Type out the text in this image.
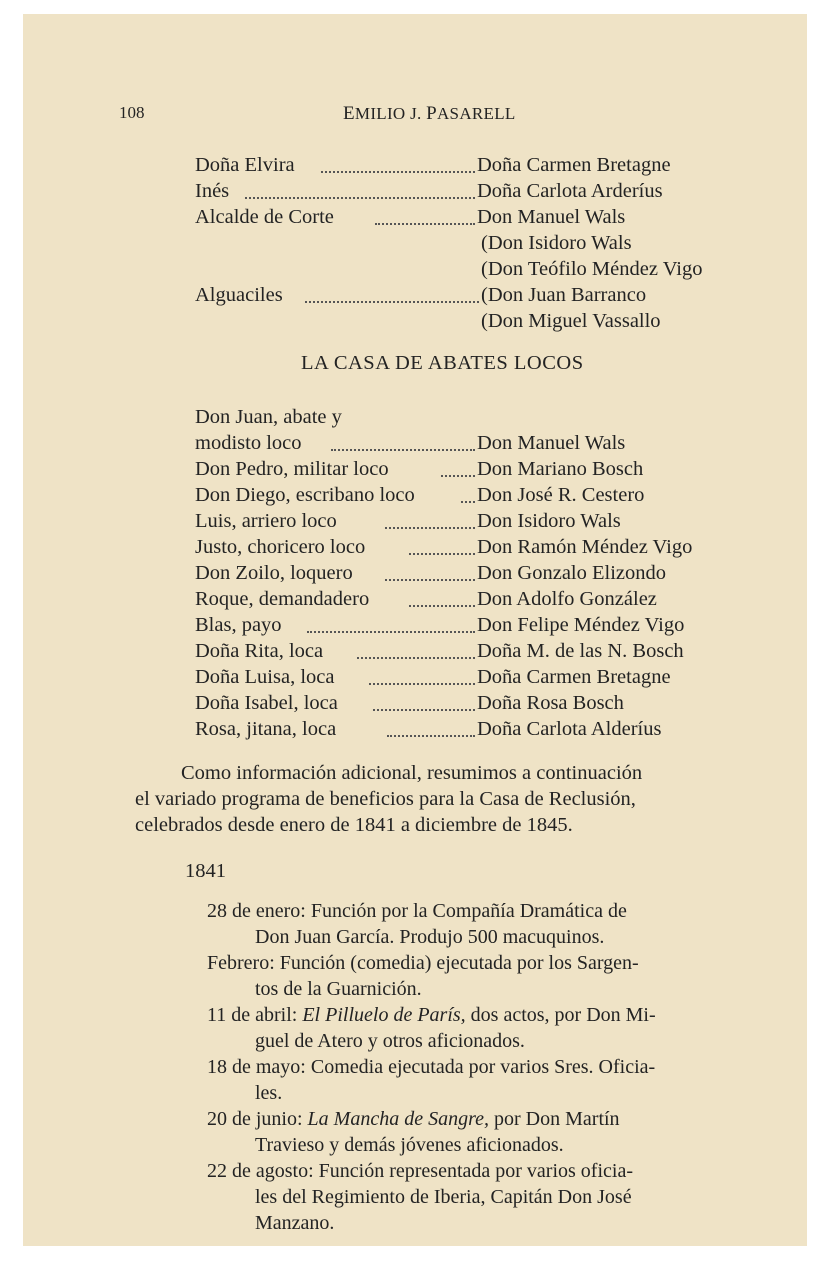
108	EMILIO J. PASARELL
Doña Elvira	Doña Carmen Bretagne
Inés	Doña Carlota Arderíus
Alcalde de Corte	Don Manuel Wals
(Don Isidoro Wals
(Don Teófilo Méndez Vigo
Alguaciles	(Don Juan Barranco
(Don Miguel Vassallo
LA CASA DE ABATES LOCOS
Don Juan, abate y
modisto loco	Don Manuel Wals
Don Pedro, militar loco	Don Mariano Bosch
Don Diego, escribano loco	Don José R. Cestero
Luis, arriero loco	Don Isidoro Wals
Justo, choricero loco	Don Ramón Méndez Vigo
Don Zoilo, loquero	Don Gonzalo Elizondo
Roque, demandadero	Don Adolfo González
Blas, payo	Don Felipe Méndez Vigo
Doña Rita, loca	Doña M. de las N. Bosch
Doña Luisa, loca	Doña Carmen Bretagne
Doña Isabel, loca	Doña Rosa Bosch
Rosa, jitana, loca	Doña Carlota Alderíus
Como información adicional, resumimos a continuación
el variado programa de beneficios para la Casa de Reclusión,
celebrados desde enero de 1841 a diciembre de 1845.
1841
28 de enero: Función por la Compañía Dramática de
Don Juan García. Produjo 500 macuquinos.
Febrero: Función (comedia) ejecutada por los Sargen-
tos de la Guarnición.
11 de abril: El Pilluelo de París, dos actos, por Don Mi-
guel de Atero y otros aficionados.
18 de mayo: Comedia ejecutada por varios Sres. Oficia-
les.
20 de junio: La Mancha de Sangre, por Don Martín
Travieso y demás jóvenes aficionados.
22 de agosto: Función representada por varios oficia-
les del Regimiento de Iberia, Capitán Don José
Manzano.
